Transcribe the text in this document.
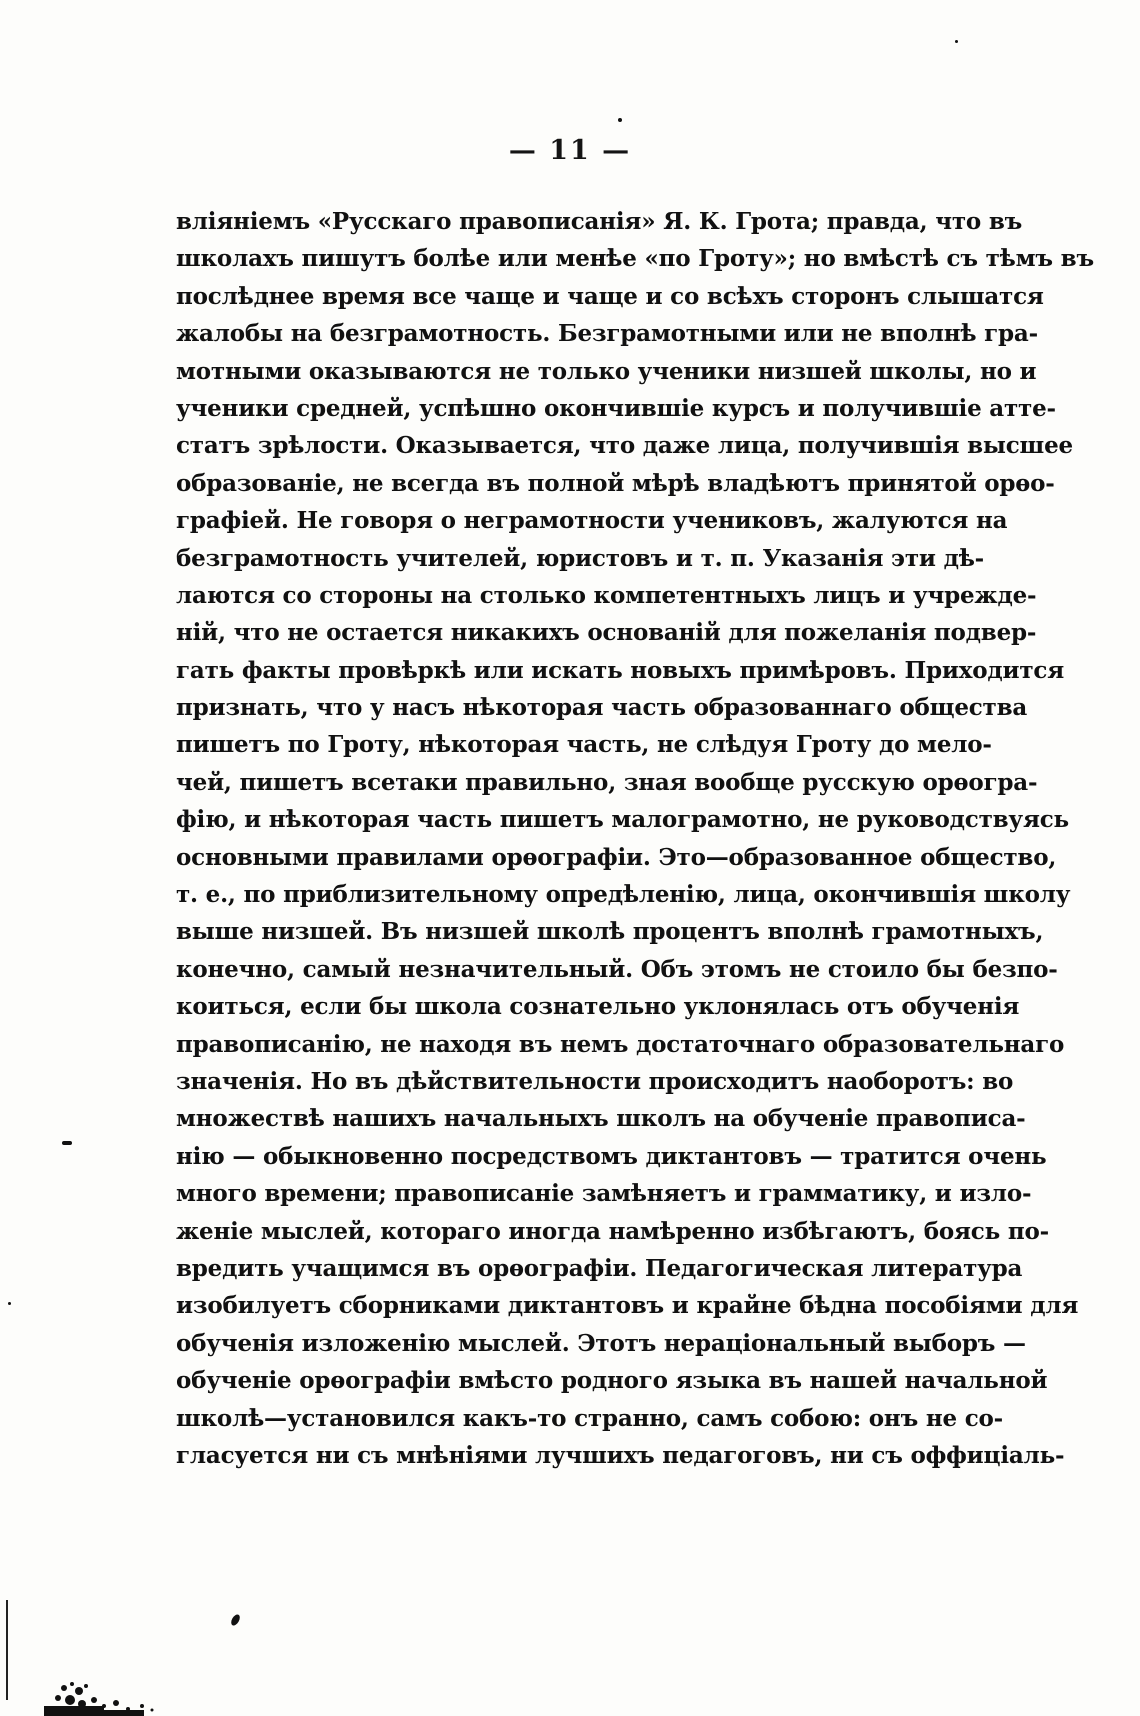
— 11 —
вліяніемъ «Русскаго правописанія» Я. К. Грота; правда, что въ
школахъ пишутъ болѣе или менѣе «по Гроту»; но вмѣстѣ съ тѣмъ въ
послѣднее время все чаще и чаще и со всѣхъ сторонъ слышатся
жалобы на безграмотность. Безграмотными или не вполнѣ гра-
мотными оказываются не только ученики низшей школы, но и
ученики средней, успѣшно окончившіе курсъ и получившіе атте-
статъ зрѣлости. Оказывается, что даже лица, получившія высшее
образованіе, не всегда въ полной мѣрѣ владѣютъ принятой орѳо-
графіей. Не говоря о неграмотности учениковъ, жалуются на
безграмотность учителей, юристовъ и т. п. Указанія эти дѣ-
лаются со стороны на столько компетентныхъ лицъ и учрежде-
ній, что не остается никакихъ основаній для пожеланія подвер-
гать факты провѣркѣ или искать новыхъ примѣровъ. Приходится
признать, что у насъ нѣкоторая часть образованнаго общества
пишетъ по Гроту, нѣкоторая часть, не слѣдуя Гроту до мело-
чей, пишетъ всетаки правильно, зная вообще русскую орѳогра-
фію, и нѣкоторая часть пишетъ малограмотно, не руководствуясь
основными правилами орѳографіи. Это—образованное общество,
т. е., по приблизительному опредѣленію, лица, окончившія школу
выше низшей. Въ низшей школѣ процентъ вполнѣ грамотныхъ,
конечно, самый незначительный. Объ этомъ не стоило бы безпо-
коиться, если бы школа сознательно уклонялась отъ обученія
правописанію, не находя въ немъ достаточнаго образовательнаго
значенія. Но въ дѣйствительности происходитъ наоборотъ: во
множествѣ нашихъ начальныхъ школъ на обученіе правописа-
нію — обыкновенно посредствомъ диктантовъ — тратится очень
много времени; правописаніе замѣняетъ и грамматику, и изло-
женіе мыслей, котораго иногда намѣренно избѣгаютъ, боясь по-
вредить учащимся въ орѳографіи. Педагогическая литература
изобилуетъ сборниками диктантовъ и крайне бѣдна пособіями для
обученія изложенію мыслей. Этотъ нераціональный выборъ —
обученіе орѳографіи вмѣсто родного языка въ нашей начальной
школѣ—установился какъ-то странно, самъ собою: онъ не со-
гласуется ни съ мнѣніями лучшихъ педагоговъ, ни съ оффиціаль-
